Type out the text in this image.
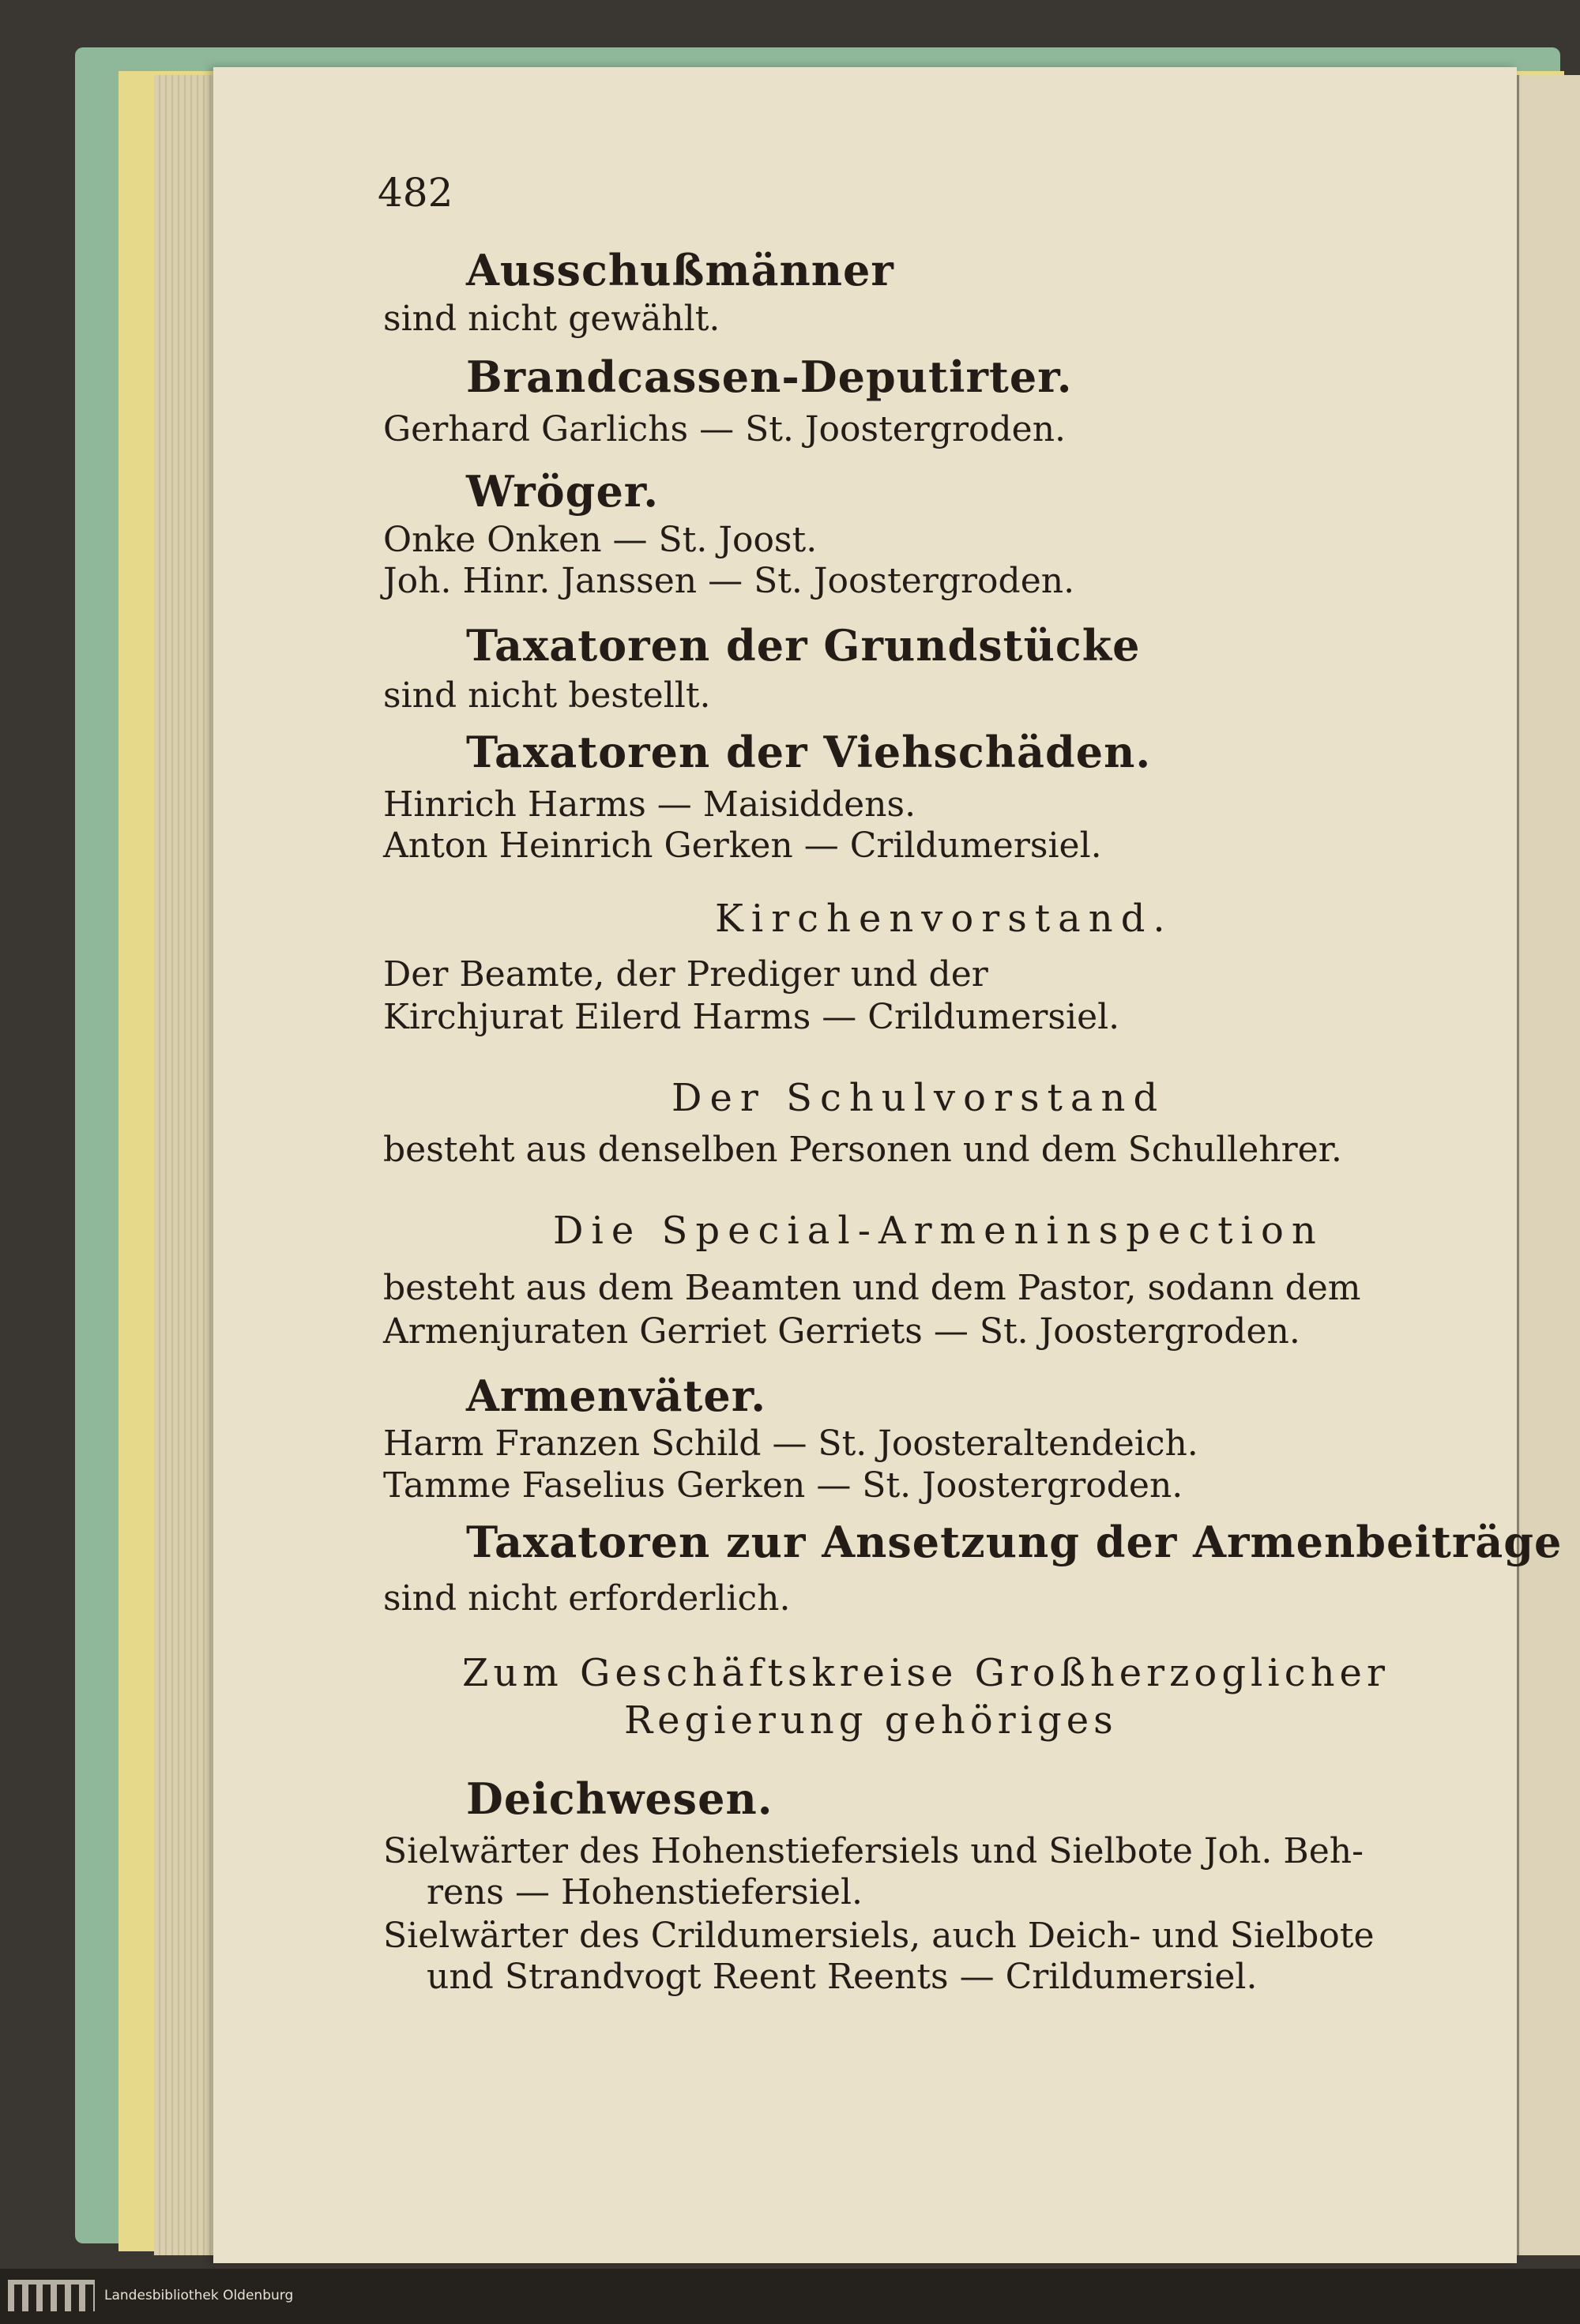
482
Ausschußmänner
sind nicht gewählt.
Brandcassen-Deputirter.
Gerhard Garlichs — St. Joostergroden.
Wröger.
Onke Onken — St. Joost.
Joh. Hinr. Janssen — St. Joostergroden.
Taxatoren der Grundstücke
sind nicht bestellt.
Taxatoren der Viehschäden.
Hinrich Harms — Maisiddens.
Anton Heinrich Gerken — Crildumersiel.
Kirchenvorstand.
Der Beamte, der Prediger und der
Kirchjurat Eilerd Harms — Crildumersiel.
Der Schulvorstand
besteht aus denselben Personen und dem Schullehrer.
Die Special-Armeninspection
besteht aus dem Beamten und dem Pastor, sodann dem
Armenjuraten Gerriet Gerriets — St. Joostergroden.
Armenväter.
Harm Franzen Schild — St. Joosteraltendeich.
Tamme Faselius Gerken — St. Joostergroden.
Taxatoren zur Ansetzung der Armenbeiträge
sind nicht erforderlich.
Zum Geschäftskreise Großherzoglicher
Regierung gehöriges
Deichwesen.
Sielwärter des Hohenstiefersiels und Sielbote Joh. Beh-
rens — Hohenstiefersiel.
Sielwärter des Crildumersiels, auch Deich- und Sielbote
und Strandvogt Reent Reents — Crildumersiel.
Landesbibliothek Oldenburg
